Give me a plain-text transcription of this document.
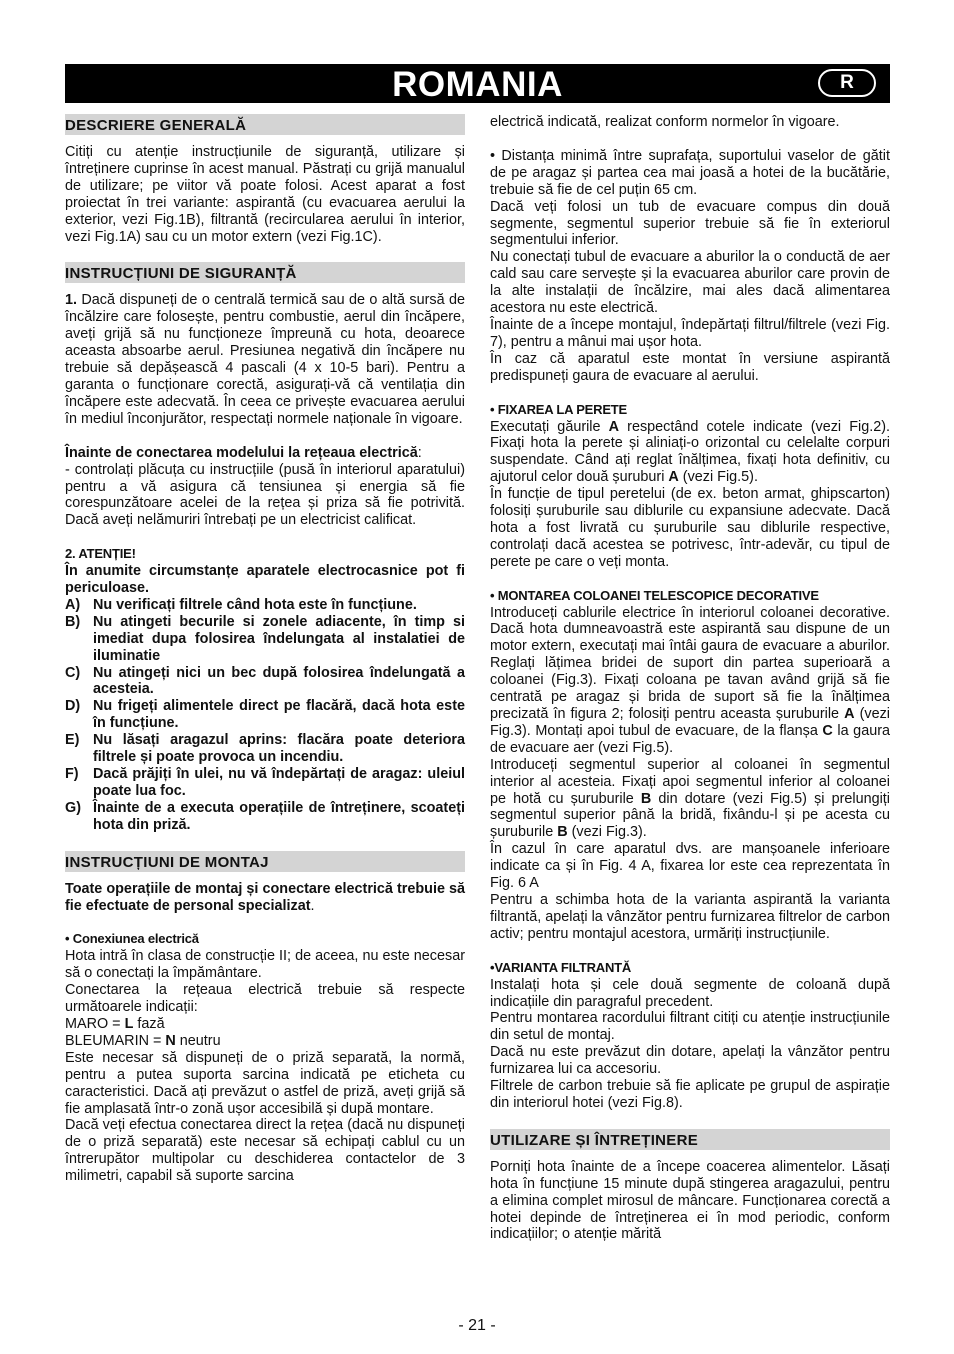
ROMANIA	R
DESCRIERE GENERALĂ

Citiți cu atenție instrucțiunile de siguranță, utilizare și întreținere cuprinse în acest manual. Păstrați cu grijă manualul de utilizare; pe viitor vă poate folosi. Acest aparat a fost proiectat în trei variante: aspirantă (cu evacuarea aerului la exterior, vezi Fig.1B), filtrantă (recircularea aerului în interior, vezi Fig.1A) sau cu un motor extern (vezi Fig.1C).

INSTRUCȚIUNI DE SIGURANȚĂ

1. Dacă dispuneți de o centrală termică sau de o altă sursă de încălzire care folosește, pentru combustie, aerul din încăpere, aveți grijă să nu funcționeze împreună cu hota, deoarece aceasta absoarbe aerul. Presiunea negativă din încăpere nu trebuie să depășească 4 pascali (4 x 10-5 bari). Pentru a garanta o funcționare corectă, asigurați-vă că ventilația din încăpere este adecvată. În ceea ce privește evacuarea aerului în mediul înconjurător, respectați normele naționale în vigoare.

Înainte de conectarea modelului la rețeaua electrică:

- controlați plăcuța cu instrucțiile (pusă în interiorul aparatului) pentru a vă asigura că tensiunea și energia să fie corespunzătoare acelei de la rețea și priza să fie potrivită. Dacă aveți nelămuriri întrebați pe un electricist calificat.

2. ATENȚIE!

În anumite circumstanțe aparatele electrocasnice pot fi periculoase.

A) Nu verificați filtrele când hota este în funcțiune.
B) Nu atingeti becurile si zonele adiacente, în timp si imediat dupa folosirea îndelungata al instalatiei de iluminatie
C) Nu atingeți nici un bec după folosirea îndelungată a acesteia.
D) Nu frigeți alimentele direct pe flacără, dacă hota este în funcțiune.
E) Nu lăsați aragazul aprins: flacăra poate deteriora filtrele și poate provoca un incendiu.
F)	Dacă prăjiți în ulei, nu vă îndepărtați de aragaz: uleiul poate lua foc.
G) Înainte de a executa operațiile de întreținere, scoateți hota din priză.
INSTRUCȚIUNI DE MONTAJ

Toate operațiile de montaj și conectare electrică trebuie să fie efectuate de personal specializat.

• Conexiunea electrică

Hota intră în clasa de construcție II; de aceea, nu este necesar să o conectați la împământare.

Conectarea la rețeaua electrică trebuie să respecte următoarele indicații:

MARO = L fază

BLEUMARIN = N neutru

Este necesar să dispuneți de o priză separată, la normă, pentru a putea suporta sarcina indicată pe eticheta cu caracteristici. Dacă ați prevăzut o astfel de priză, aveți grijă să fie amplasată într-o zonă ușor accesibilă și după montare.

Dacă veți efectua conectarea direct la rețea (dacă nu dispuneți de o priză separată) este necesar să echipați cablul cu un întrerupător multipolar cu deschiderea contactelor de 3 milimetri, capabil să suporte sarcina

electrică indicată, realizat conform normelor în vigoare.

• Distanța minimă între suprafața, suportului vaselor de gătit de pe aragaz și partea cea mai joasă a hotei de la bucătărie, trebuie să fie de cel puțin 65 cm.

Dacă veți folosi un tub de evacuare compus din două segmente, segmentul superior trebuie să fie în exteriorul segmentului inferior.

Nu conectați tubul de evacuare a aburilor la o conductă de aer cald sau care servește și la evacuarea aburilor care provin de la alte instalații de încălzire, mai ales dacă alimentarea acestora nu este electrică.

Înainte de a începe montajul, îndepărtați filtrul/filtrele (vezi Fig. 7), pentru a mânui mai ușor hota.

În caz că aparatul este montat în versiune aspirantă predispuneți gaura de evacuare al aerului.

• FIXAREA LA PERETE

Executați găurile A respectând cotele indicate (vezi Fig.2). Fixați hota la perete și aliniați-o orizontal cu celelalte corpuri suspendate. Când ați reglat înălțimea, fixați hota definitiv, cu ajutorul celor două șuruburi A (vezi Fig.5).

În funcție de tipul peretelui (de ex. beton armat, ghipscarton) folosiți șuruburile sau diblurile cu expansiune adecvate. Dacă hota a fost livrată cu șuruburile sau diblurile respective, controlați dacă acestea se potrivesc, într-adevăr, cu tipul de perete pe care o veți monta.

• MONTAREA COLOANEI TELESCOPICE DECORATIVE

Introduceți cablurile electrice în interiorul coloanei decorative. Dacă hota dumneavoastră este aspirantă sau dispune de un motor extern, executați mai întâi gaura de evacuare a aburilor. Reglați lățimea bridei de suport din partea superioară a coloanei (Fig.3). Fixați coloana pe tavan având grijă să fie centrată pe aragaz și brida de suport să fie la înălțimea precizată în figura 2; folosiți pentru aceasta șuruburile A (vezi Fig.3). Montați apoi tubul de evacuare, de la flanșa C la gaura de evacuare aer (vezi Fig.5).

Introduceți segmentul superior al coloanei în segmentul interior al acesteia. Fixați apoi segmentul inferior al coloanei pe hotă cu șuruburile B din dotare (vezi Fig.5) și prelungiți segmentul superior până la bridă, fixându-l și pe acesta cu șuruburile B (vezi Fig.3).

În cazul în care aparatul dvs. are manșoanele inferioare indicate ca și în Fig. 4 A, fixarea lor este cea reprezentata în Fig. 6 A

Pentru a schimba hota de la varianta aspirantă la varianta filtrantă, apelați la vânzător pentru furnizarea filtrelor de carbon activ; pentru montajul acestora, urmăriți instrucțiunile.

•VARIANTA FILTRANTĂ

Instalați hota și cele două segmente de coloană după indicațiile din paragraful precedent.

Pentru montarea racordului filtrant citiți cu atenție instrucțiunile din setul de montaj.

Dacă nu este prevăzut din dotare, apelați la vânzător pentru furnizarea lui ca accesoriu.

Filtrele de carbon trebuie să fie aplicate pe grupul de aspirație din interiorul hotei (vezi Fig.8).

UTILIZARE ȘI ÎNTREȚINERE

Porniți hota înainte de a începe coacerea alimentelor. Lăsați hota în funcțiune 15 minute după stingerea aragazului, pentru a elimina complet mirosul de mâncare. Funcționarea corectă a hotei depinde de întreținerea ei în mod periodic, conform indicațiilor; o atenție mărită

- 21 -
